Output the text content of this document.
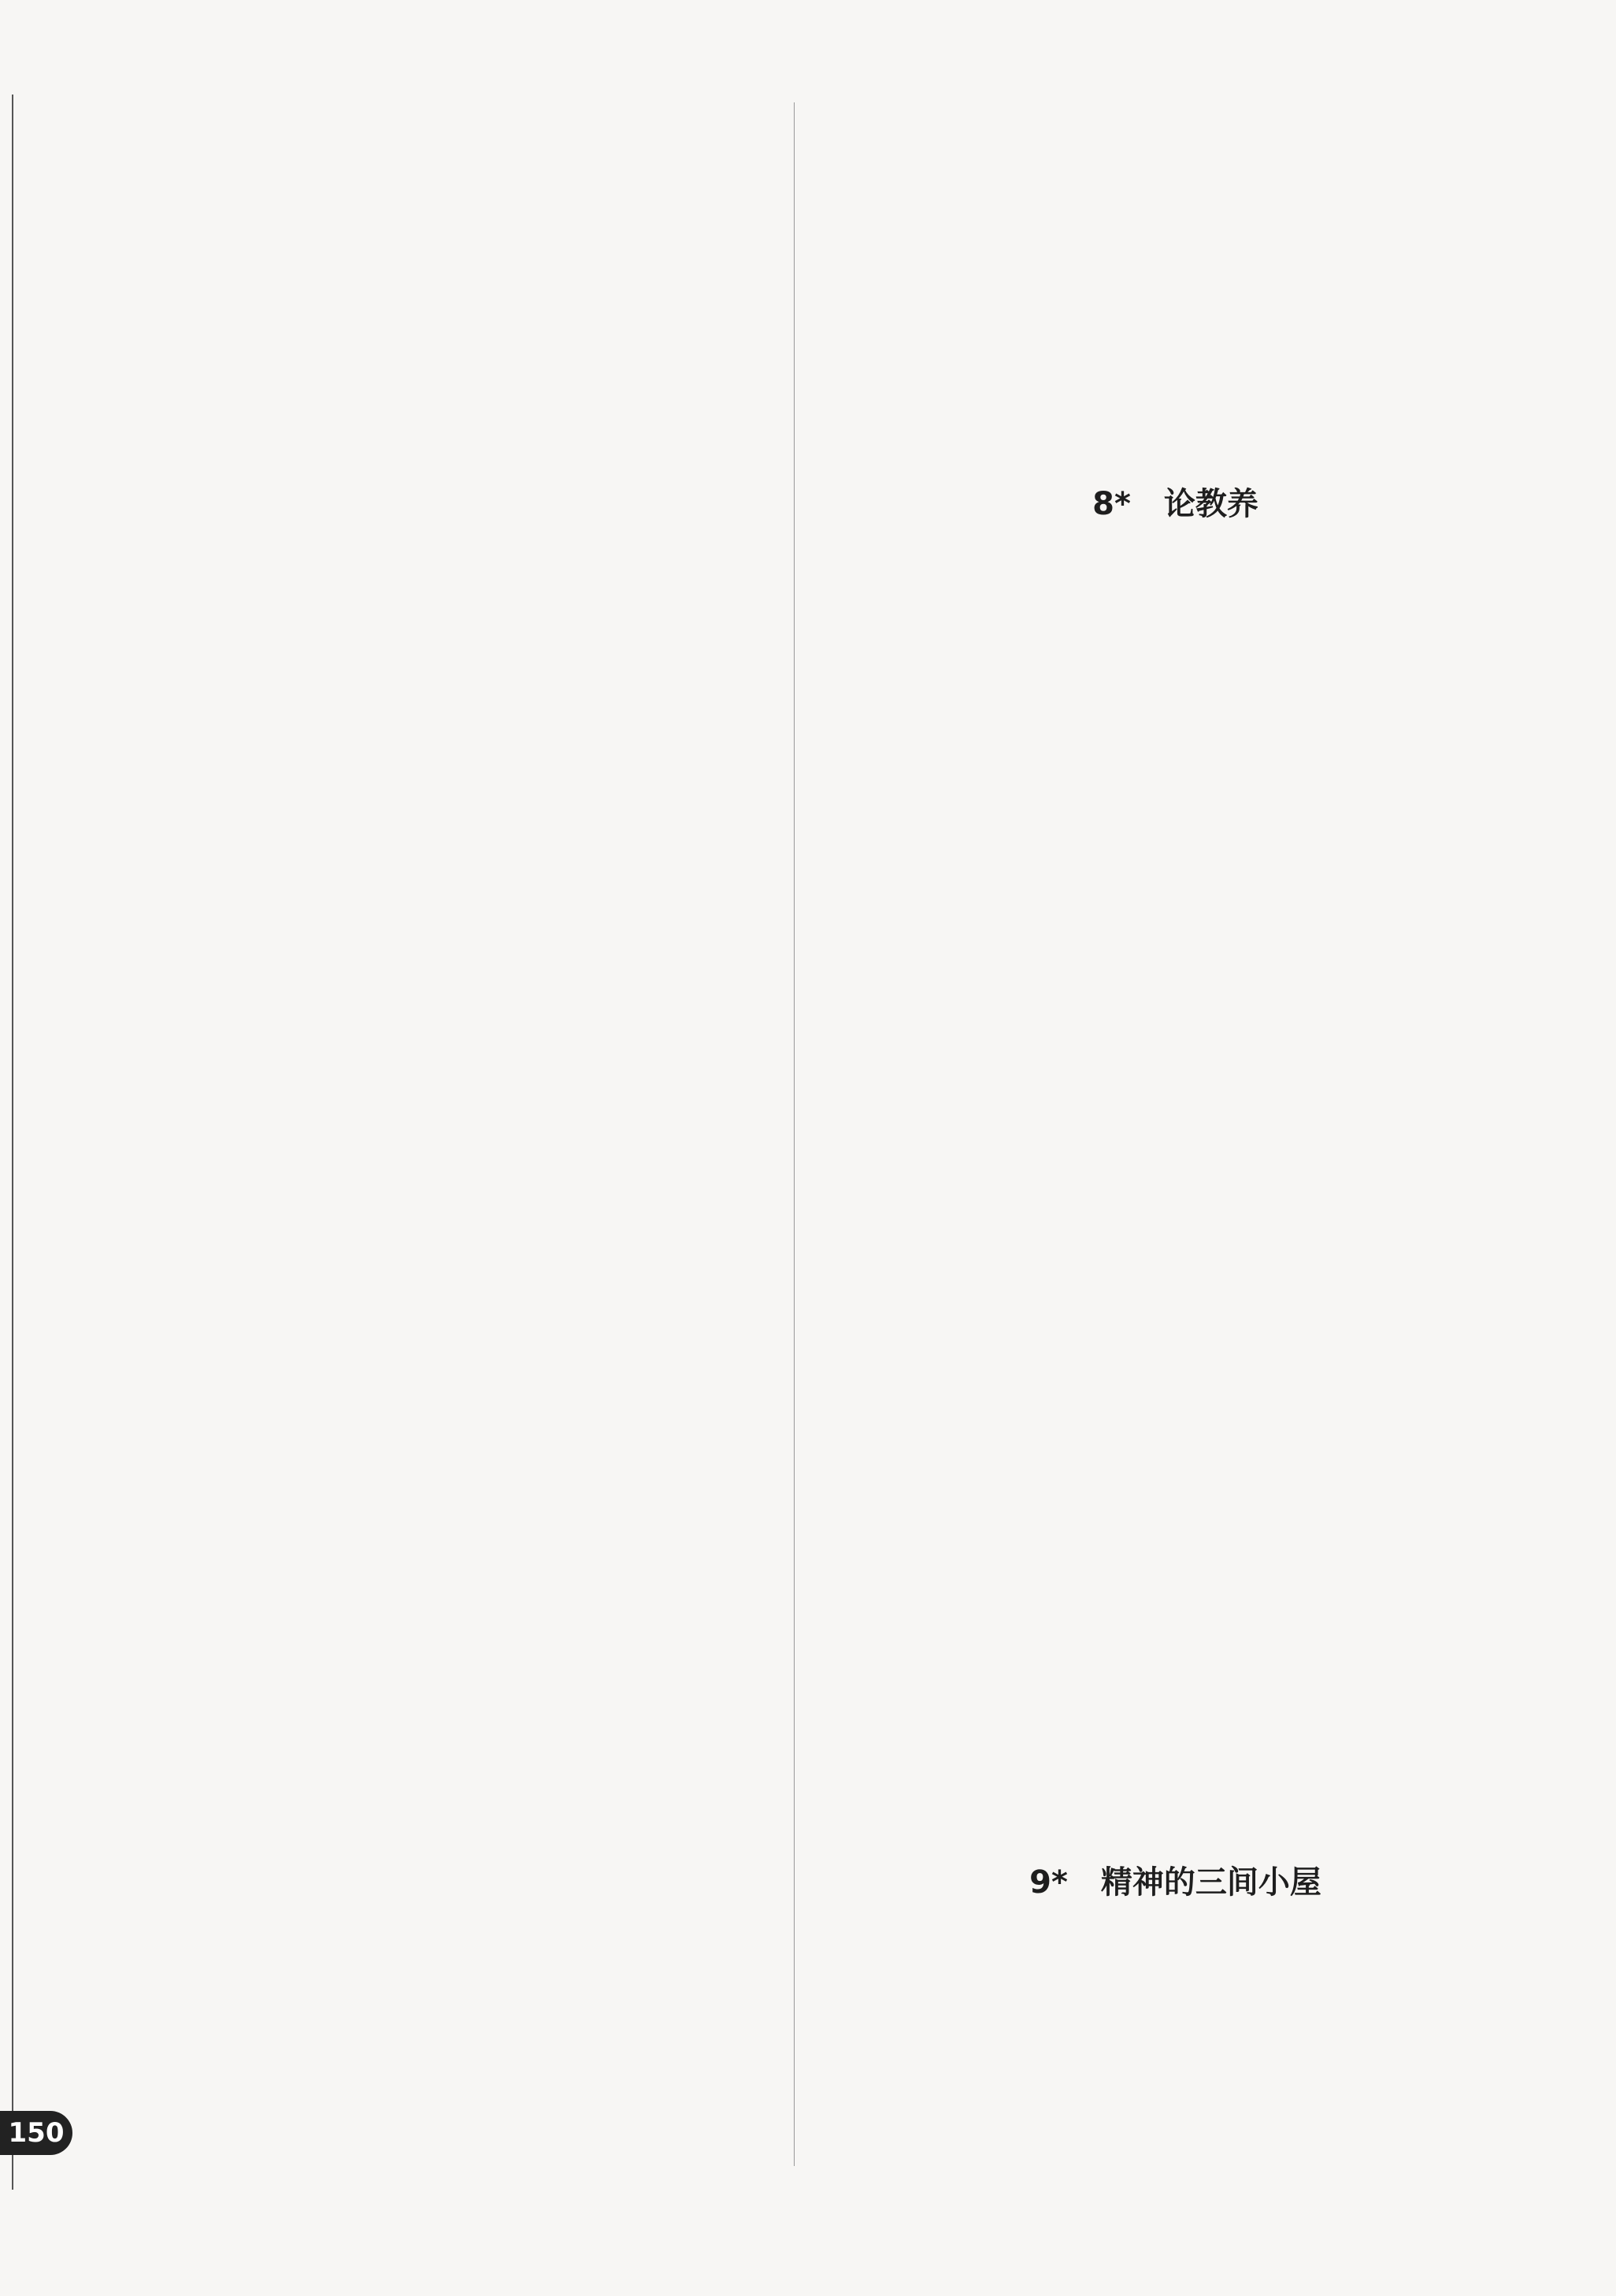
8* 论教养
9* 精神的三间小屋
150
